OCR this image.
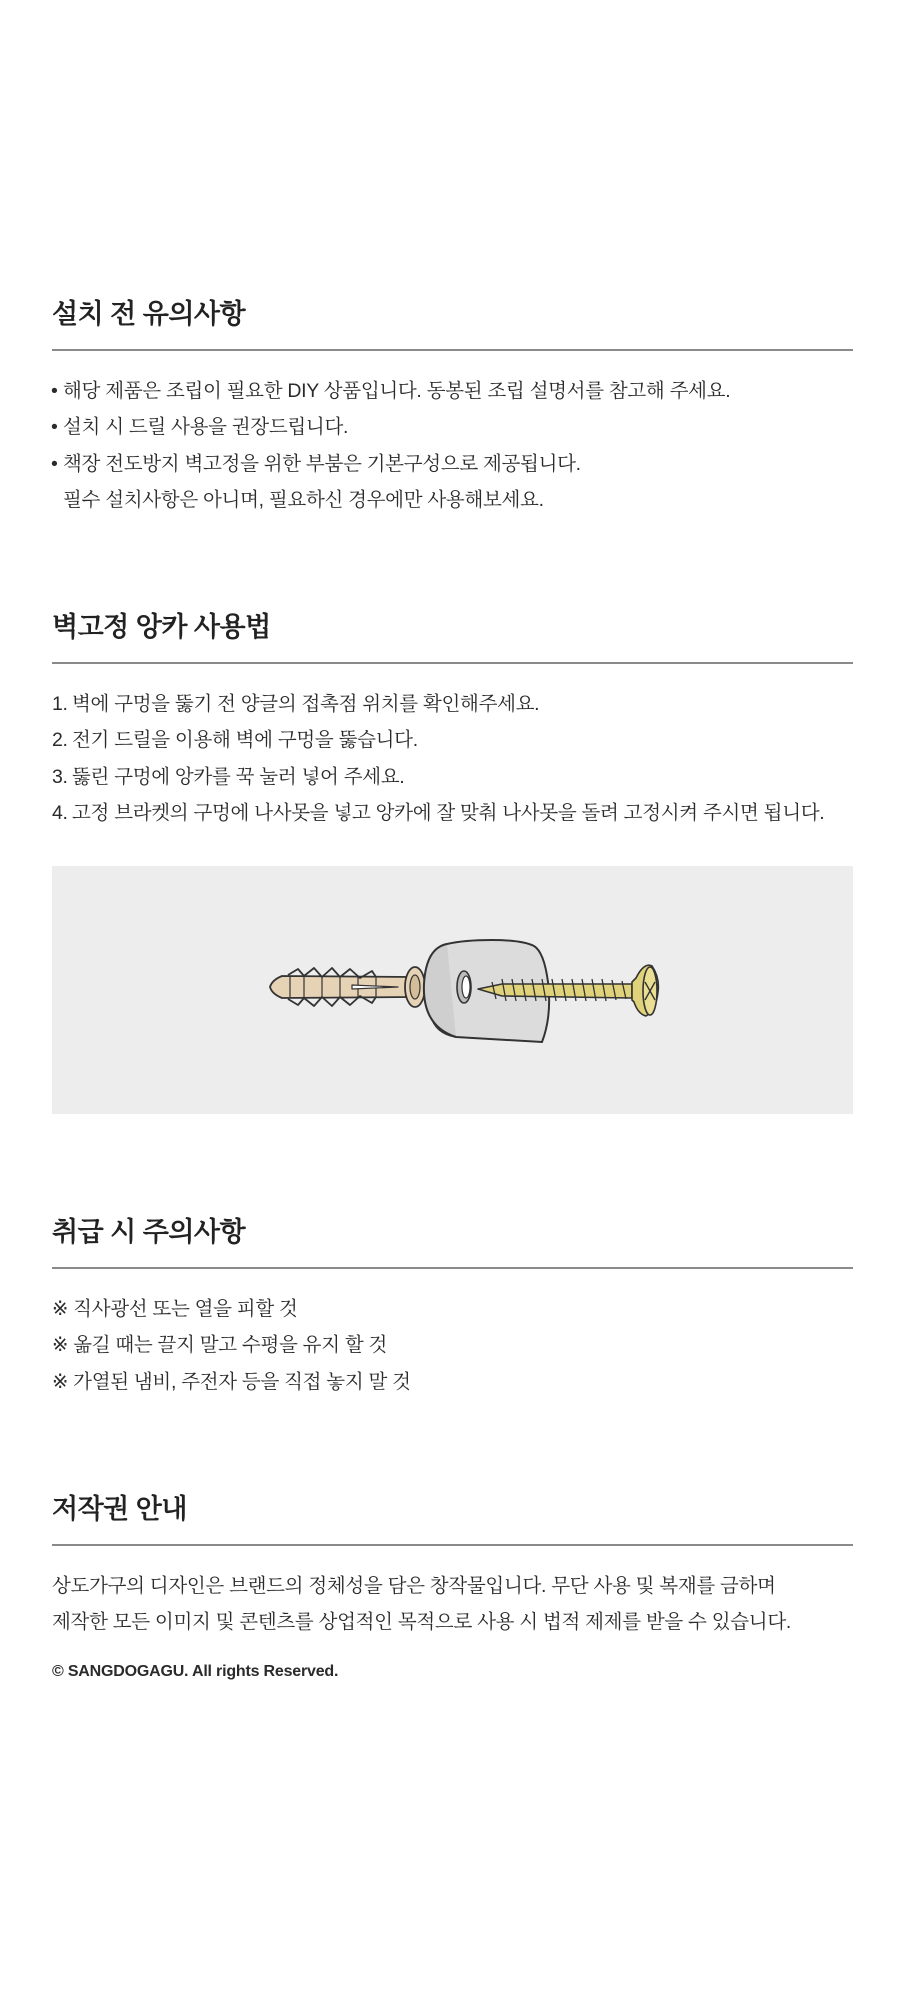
설치 전 유의사항
• 해당 제품은 조립이 필요한 DIY 상품입니다. 동봉된 조립 설명서를 참고해 주세요.
• 설치 시 드릴 사용을 권장드립니다.
• 책장 전도방지 벽고정을 위한 부붐은 기본구성으로 제공됩니다.
필수 설치사항은 아니며, 필요하신 경우에만 사용해보세요.
벽고정 앙카 사용법
1. 벽에 구멍을 뚫기 전 양글의 접촉점 위치를 확인해주세요.
2. 전기 드릴을 이용해 벽에 구멍을 뚫습니다.
3. 뚫린 구멍에 앙카를 꾹 눌러 넣어 주세요.
4. 고정 브라켓의 구멍에 나사못을 넣고 앙카에 잘 맞춰 나사못을 돌려 고정시켜 주시면 됩니다.
취급 시 주의사항
※ 직사광선 또는 열을 피할 것
※ 옮길 때는 끌지 말고 수평을 유지 할 것
※ 가열된 냄비, 주전자 등을 직접 놓지 말 것
저작권 안내
상도가구의 디자인은 브랜드의 정체성을 담은 창작물입니다. 무단 사용 및 복재를 금하며
제작한 모든 이미지 및 콘텐츠를 상업적인 목적으로 사용 시 법적 제제를 받을 수 있습니다.
© SANGDOGAGU. All rights Reserved.
